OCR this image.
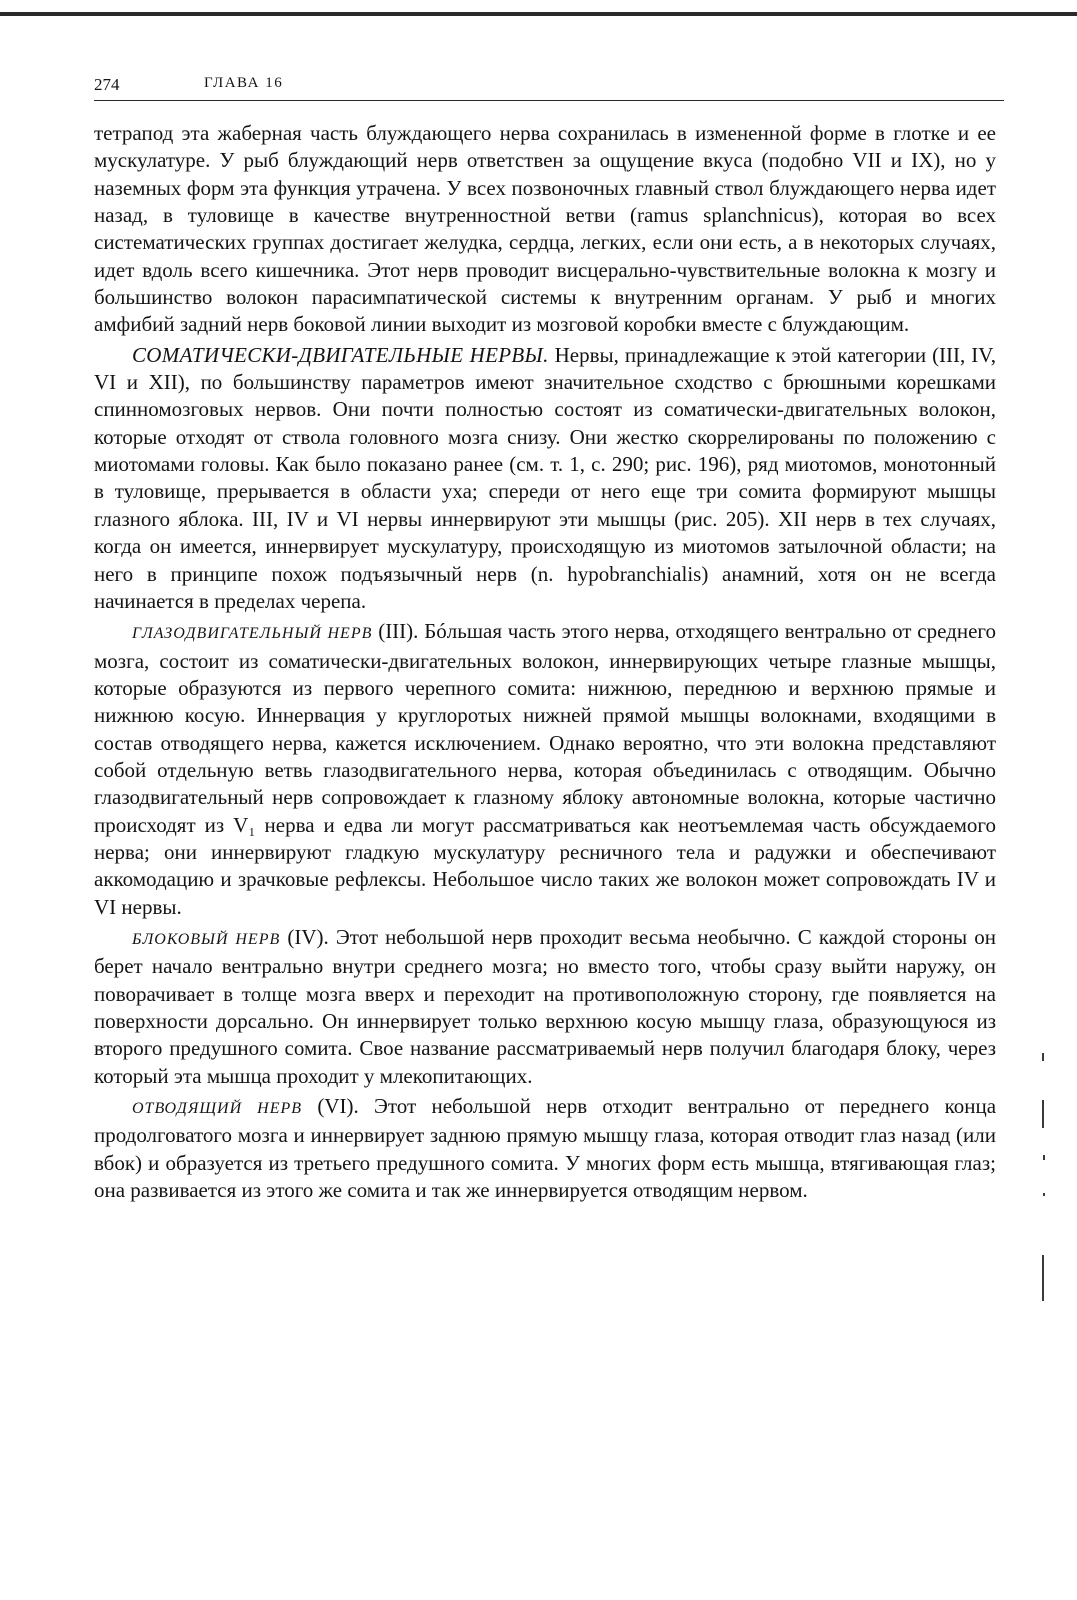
274	ГЛАВА 16

тетрапод эта жаберная часть блуждающего нерва сохранилась в измененной форме в глотке и ее мускулатуре. У рыб блуждающий нерв ответствен за ощущение вкуса (подобно VII и IX), но у наземных форм эта функция утрачена. У всех позвоночных главный ствол блуждающего нерва идет назад, в туловище в качестве внутренностной ветви (ramus splanchnicus), которая во всех систематических группах достигает желудка, сердца, легких, если они есть, а в некоторых случаях, идет вдоль всего кишечника. Этот нерв проводит висцерально-чувствительные волокна к мозгу и большинство волокон парасимпатической системы к внутренним органам. У рыб и многих амфибий задний нерв боковой линии выходит из мозговой коробки вместе с блуждающим.

СОМАТИЧЕСКИ-ДВИГАТЕЛЬНЫЕ НЕРВЫ. Нервы, принадлежащие к этой категории (III, IV, VI и XII), по большинству параметров имеют значительное сходство с брюшными корешками спинномозговых нервов. Они почти полностью состоят из соматически-двигательных волокон, которые отходят от ствола головного мозга снизу. Они жестко скоррелированы по положению с миотомами головы. Как было показано ранее (см. т. 1, с. 290; рис. 196), ряд миотомов, монотонный в туловище, прерывается в области уха; спереди от него еще три сомита формируют мышцы глазного яблока. III, IV и VI нервы иннервируют эти мышцы (рис. 205). XII нерв в тех случаях, когда он имеется, иннервирует мускулатуру, происходящую из миотомов затылочной области; на него в принципе похож подъязычный нерв (n. hypobranchialis) анамний, хотя он не всегда начинается в пределах черепа.

ГЛАЗОДВИГАТЕЛЬНЫЙ НЕРВ (III). Бóльшая часть этого нерва, отходящего вентрально от среднего мозга, состоит из соматически-двигательных волокон, иннервирующих четыре глазные мышцы, которые образуются из первого черепного сомита: нижнюю, переднюю и верхнюю прямые и нижнюю косую. Иннервация у круглоротых нижней прямой мышцы волокнами, входящими в состав отводящего нерва, кажется исключением. Однако вероятно, что эти волокна представляют собой отдельную ветвь глазодвигательного нерва, которая объединилась с отводящим. Обычно глазодвигательный нерв сопровождает к глазному яблоку автономные волокна, которые частично происходят из V₁ нерва и едва ли могут рассматриваться как неотъемлемая часть обсуждаемого нерва; они иннервируют гладкую мускулатуру ресничного тела и радужки и обеспечивают аккомодацию и зрачковые рефлексы. Небольшое число таких же волокон может сопровождать IV и VI нервы.

БЛОКОВЫЙ НЕРВ (IV). Этот небольшой нерв проходит весьма необычно. С каждой стороны он берет начало вентрально внутри среднего мозга; но вместо того, чтобы сразу выйти наружу, он поворачивает в толще мозга вверх и переходит на противоположную сторону, где появляется на поверхности дорсально. Он иннервирует только верхнюю косую мышцу глаза, образующуюся из второго предушного сомита. Свое название рассматриваемый нерв получил благодаря блоку, через который эта мышца проходит у млекопитающих.

ОТВОДЯЩИЙ НЕРВ (VI). Этот небольшой нерв отходит вентрально от переднего конца продолговатого мозга и иннервирует заднюю прямую мышцу глаза, которая отводит глаз назад (или вбок) и образуется из третьего предушного сомита. У многих форм есть мышца, втягивающая глаз; она развивается из этого же сомита и так же иннервируется отводящим нервом.
